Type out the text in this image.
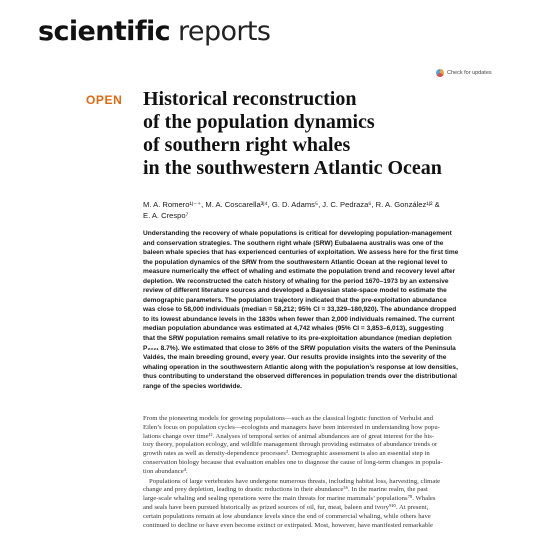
scientific reports
Check for updates
OPEN Historical reconstruction
of the population dynamics
of southern right whales
in the southwestern Atlantic Ocean

M. A. Romero¹ʲ⁻⁺, M. A. Coscarella³ʲ⁴, G. D. Adams⁵, J. C. Pedraza⁶, R. A. González¹ʲ² &
E. A. Crespo⁷

Understanding the recovery of whale populations is critical for developing population-management
and conservation strategies. The southern right whale (SRW) Eubalaena australis was one of the
baleen whale species that has experienced centuries of exploitation. We assess here for the first time
the population dynamics of the SRW from the southwestern Atlantic Ocean at the regional level to
measure numerically the effect of whaling and estimate the population trend and recovery level after
depletion. We reconstructed the catch history of whaling for the period 1670–1973 by an extensive
review of different literature sources and developed a Bayesian state-space model to estimate the
demographic parameters. The population trajectory indicated that the pre-exploitation abundance
was close to 58,000 individuals (median = 58,212; 95% CI = 33,329–180,920). The abundance dropped
to its lowest abundance levels in the 1830s when fewer than 2,000 individuals remained. The current
median population abundance was estimated at 4,742 whales (95% CI = 3,853–6,013), suggesting
that the SRW population remains small relative to its pre-exploitation abundance (median depletion
P₂₀₂₁ 8.7%). We estimated that close to 36% of the SRW population visits the waters of the Peninsula
Valdés, the main breeding ground, every year. Our results provide insights into the severity of the
whaling operation in the southwestern Atlantic along with the population’s response at low densities,
thus contributing to understand the observed differences in population trends over the distributional
range of the species worldwide.

From the pioneering models for growing populations—such as the classical logistic function of Verhulst and
Eilen’s focus on population cycles—ecologists and managers have been interested in understanding how popu-
lations change over time¹². Analyses of temporal series of animal abundances are of great interest for the his-
tory theory, population ecology, and wildlife management through providing estimates of abundance trends or
growth rates as well as density-dependence processes³. Demographic assessment is also an essential step in
conservation biology because that evaluation enables one to diagnose the cause of long-term changes in popula-
tion abundance⁴.
Populations of large vertebrates have undergone numerous threats, including habitat loss, harvesting, climate
change and prey depletion, leading to drastic reductions in their abundance⁵⁶. In the marine realm, the past
large-scale whaling and sealing operations were the main threats for marine mammals’ populations⁷⁸. Whales
and seals have been pursued historically as prized sources of oil, fur, meat, baleen and ivory⁹¹⁰. At present,
certain populations remain at low abundance levels since the end of commercial whaling, while others have
continued to decline or have even become extinct or extirpated. Most, however, have manifested remarkable
